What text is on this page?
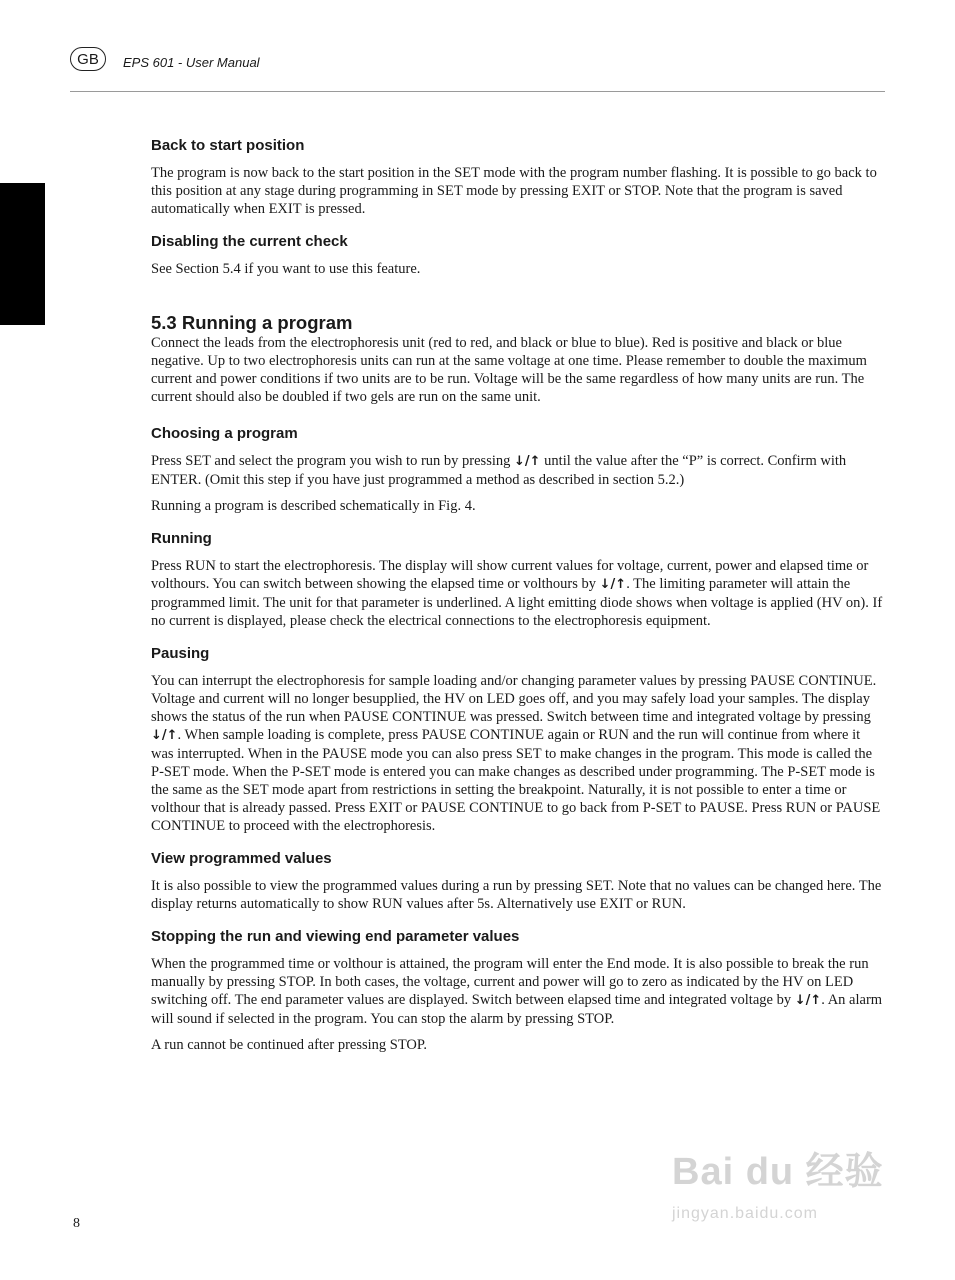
GB	EPS 601 - User Manual
Back to start position

The program is now back to the start position in the SET mode with the program number flashing. It is possible to go back to this position at any stage during programming in SET mode by pressing EXIT or STOP. Note that the program is saved automatically when EXIT is pressed.

Disabling the current check

See Section 5.4 if you want to use this feature.

5.3 Running a program

Connect the leads from the electrophoresis unit (red to red, and black or blue to blue). Red is positive and black or blue negative. Up to two electrophoresis units can run at the same voltage at one time. Please remember to double the maximum current and power conditions if two units are to be run. Voltage will be the same regardless of how many units are run. The current should also be doubled if two gels are run on the same unit.

Choosing a program

Press SET and select the program you wish to run by pressing ↓/↑ until the value after the “P” is correct. Confirm with ENTER. (Omit this step if you have just programmed a method as described in section 5.2.)

Running a program is described schematically in Fig. 4.

Running

Press RUN to start the electrophoresis. The display will show current values for voltage, current, power and elapsed time or volthours. You can switch between showing the elapsed time or volthours by ↓/↑. The limiting parameter will attain the programmed limit. The unit for that parameter is underlined. A light emitting diode shows when voltage is applied (HV on). If no current is displayed, please check the electrical connections to the electrophoresis equipment.

Pausing

You can interrupt the electrophoresis for sample loading and/or changing parameter values by pressing PAUSE CONTINUE. Voltage and current will no longer besupplied, the HV on LED goes off, and you may safely load your samples. The display shows the status of the run when PAUSE CONTINUE was pressed. Switch between time and integrated voltage by pressing ↓/↑. When sample loading is complete, press PAUSE CONTINUE again or RUN and the run will continue from where it was interrupted. When in the PAUSE mode you can also press SET to make changes in the program. This mode is called the P-SET mode. When the P-SET mode is entered you can make changes as described under programming. The P-SET mode is the same as the SET mode apart from restrictions in setting the breakpoint. Naturally, it is not possible to enter a time or volthour that is already passed. Press EXIT or PAUSE CONTINUE to go back from P-SET to PAUSE. Press RUN or PAUSE CONTINUE to proceed with the electrophoresis.

View programmed values

It is also possible to view the programmed values during a run by pressing SET. Note that no values can be changed here. The display returns automatically to show RUN values after 5s. Alternatively use EXIT or RUN.

Stopping the run and viewing end parameter values

When the programmed time or volthour is attained, the program will enter the End mode. It is also possible to break the run manually by pressing STOP. In both cases, the voltage, current and power will go to zero as indicated by the HV on LED switching off. The end parameter values are displayed. Switch between elapsed time and integrated voltage by ↓/↑. An alarm will sound if selected in the program. You can stop the alarm by pressing STOP.

A run cannot be continued after pressing STOP.

8
Bai du 经验
jingyan.baidu.com
